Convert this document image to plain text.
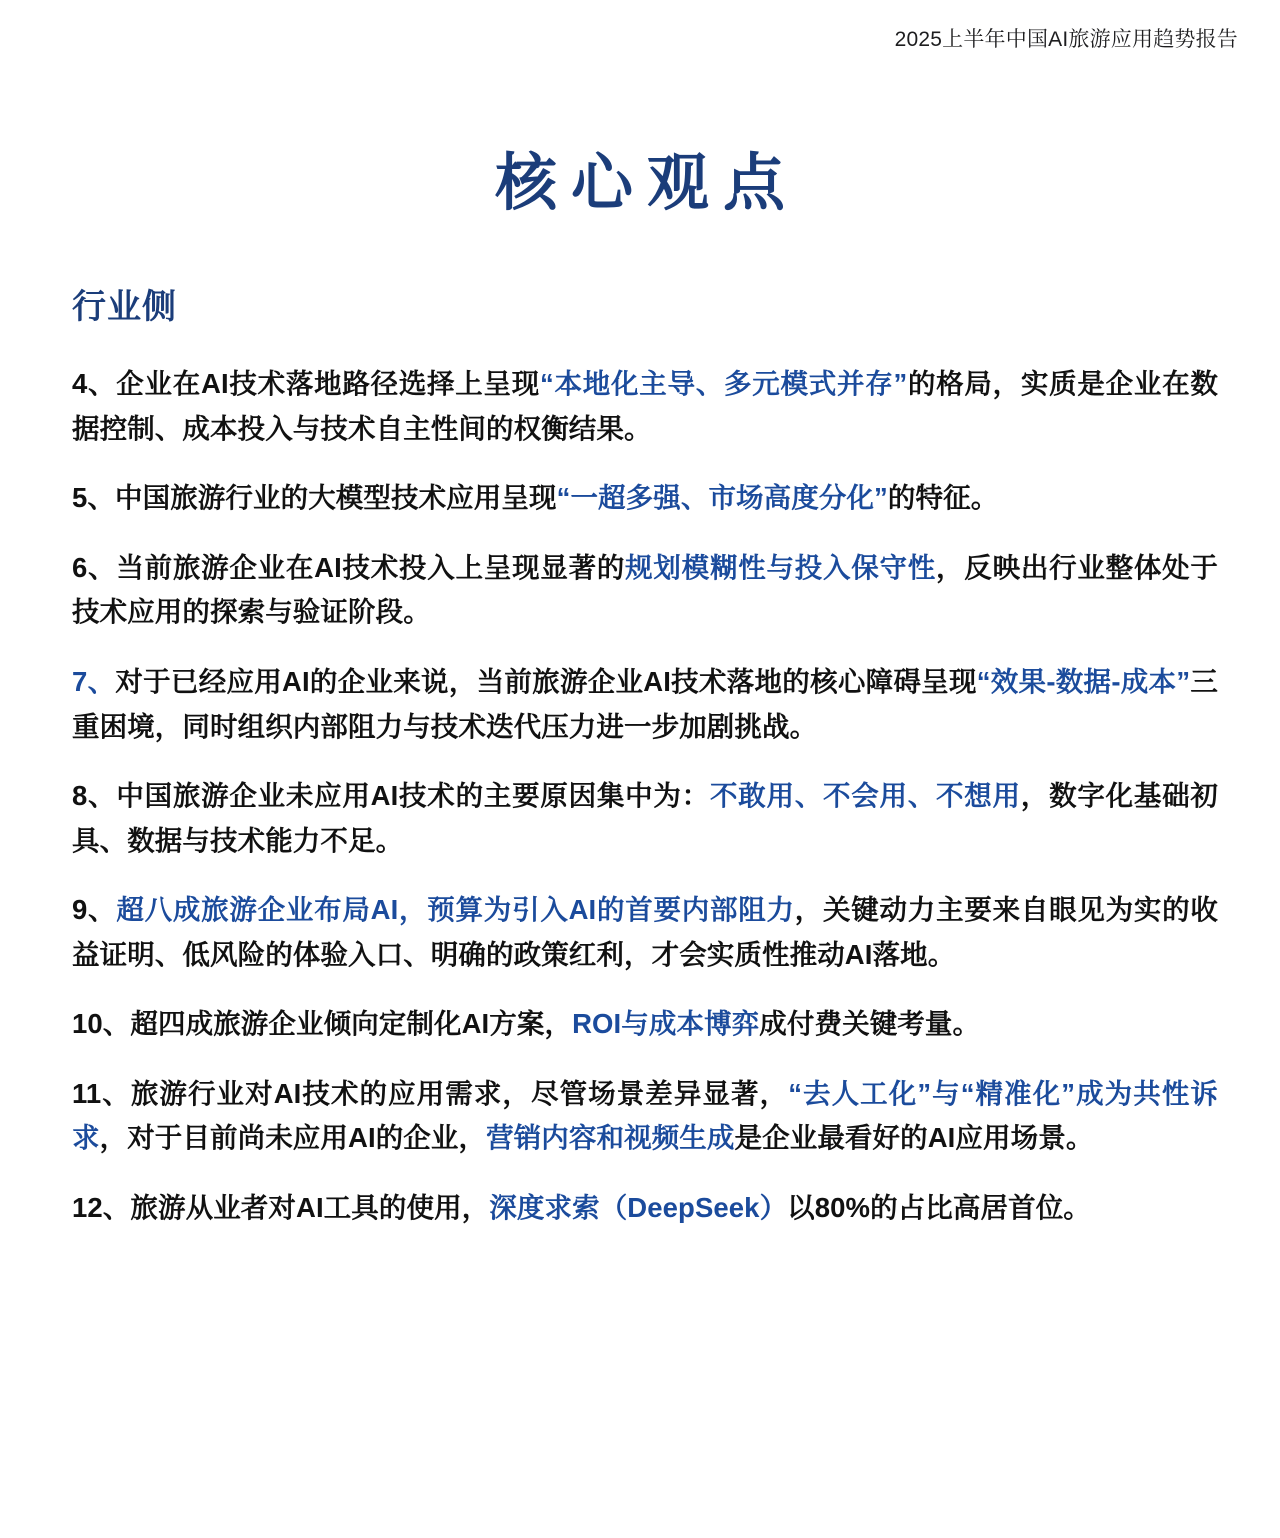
2025上半年中国AI旅游应用趋势报告
核心观点
行业侧

4、企业在AI技术落地路径选择上呈现“本地化主导、多元模式并存”的格局，实质是企业在数据控制、成本投入与技术自主性间的权衡结果。

5、中国旅游行业的大模型技术应用呈现“一超多强、市场高度分化”的特征。

6、当前旅游企业在AI技术投入上呈现显著的规划模糊性与投入保守性，反映出行业整体处于技术应用的探索与验证阶段。

7、对于已经应用AI的企业来说，当前旅游企业AI技术落地的核心障碍呈现“效果-数据-成本”三重困境，同时组织内部阻力与技术迭代压力进一步加剧挑战。

8、中国旅游企业未应用AI技术的主要原因集中为：不敢用、不会用、不想用，数字化基础初具、数据与技术能力不足。

9、超八成旅游企业布局AI，预算为引入AI的首要内部阻力，关键动力主要来自眼见为实的收益证明、低风险的体验入口、明确的政策红利，才会实质性推动AI落地。

10、超四成旅游企业倾向定制化AI方案，ROI与成本博弈成付费关键考量。

11、旅游行业对AI技术的应用需求，尽管场景差异显著，“去人工化”与“精准化”成为共性诉求，对于目前尚未应用AI的企业，营销内容和视频生成是企业最看好的AI应用场景。

12、旅游从业者对AI工具的使用，深度求索（DeepSeek）以80%的占比高居首位。
